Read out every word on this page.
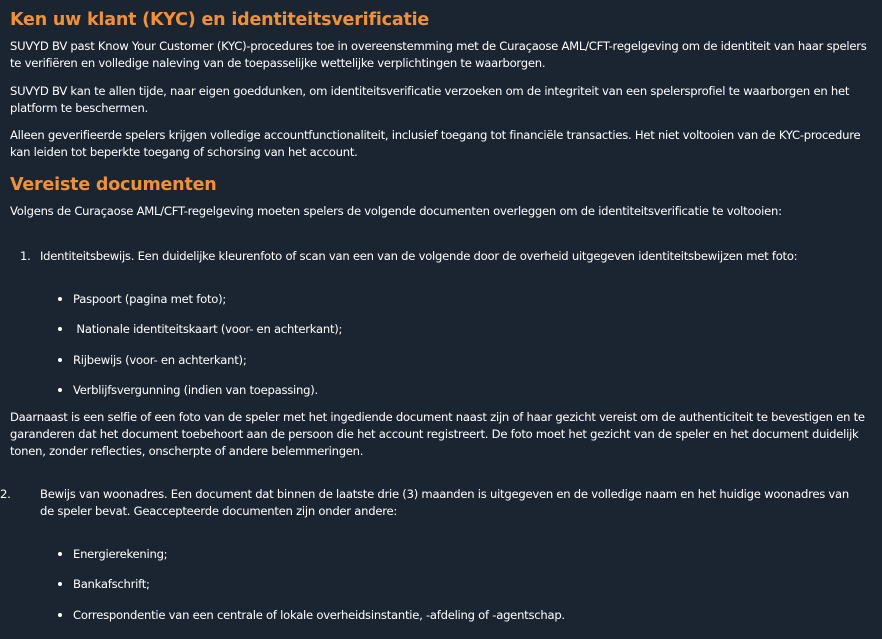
Ken uw klant (KYC) en identiteitsverificatie

SUVYD BV past Know Your Customer (KYC)-procedures toe in overeenstemming met de Curaçaose AML/CFT-regelgeving om de identiteit van haar spelers te verifiëren en volledige naleving van de toepasselijke wettelijke verplichtingen te waarborgen.

SUVYD BV kan te allen tijde, naar eigen goeddunken, om identiteitsverificatie verzoeken om de integriteit van een spelersprofiel te waarborgen en het platform te beschermen.

Alleen geverifieerde spelers krijgen volledige accountfunctionaliteit, inclusief toegang tot financiële transacties. Het niet voltooien van de KYC-procedure kan leiden tot beperkte toegang of schorsing van het account.

Vereiste documenten

Volgens de Curaçaose AML/CFT-regelgeving moeten spelers de volgende documenten overleggen om de identiteitsverificatie te voltooien:

1. Identiteitsbewijs. Een duidelijke kleurenfoto of scan van een van de volgende door de overheid uitgegeven identiteitsbewijzen met foto:
Paspoort (pagina met foto);
Nationale identiteitskaart (voor- en achterkant);
Rijbewijs (voor- en achterkant);
Verblijfsvergunning (indien van toepassing).

Daarnaast is een selfie of een foto van de speler met het ingediende document naast zijn of haar gezicht vereist om de authenticiteit te bevestigen en te garanderen dat het document toebehoort aan de persoon die het account registreert. De foto moet het gezicht van de speler en het document duidelijk tonen, zonder reflecties, onscherpte of andere belemmeringen.

2.	Bewijs van woonadres. Een document dat binnen de laatste drie (3) maanden is uitgegeven en de volledige naam en het huidige woonadres van de speler bevat. Geaccepteerde documenten zijn onder andere:
Energierekening;
Bankafschrift;
Correspondentie van een centrale of lokale overheidsinstantie, -afdeling of -agentschap.
